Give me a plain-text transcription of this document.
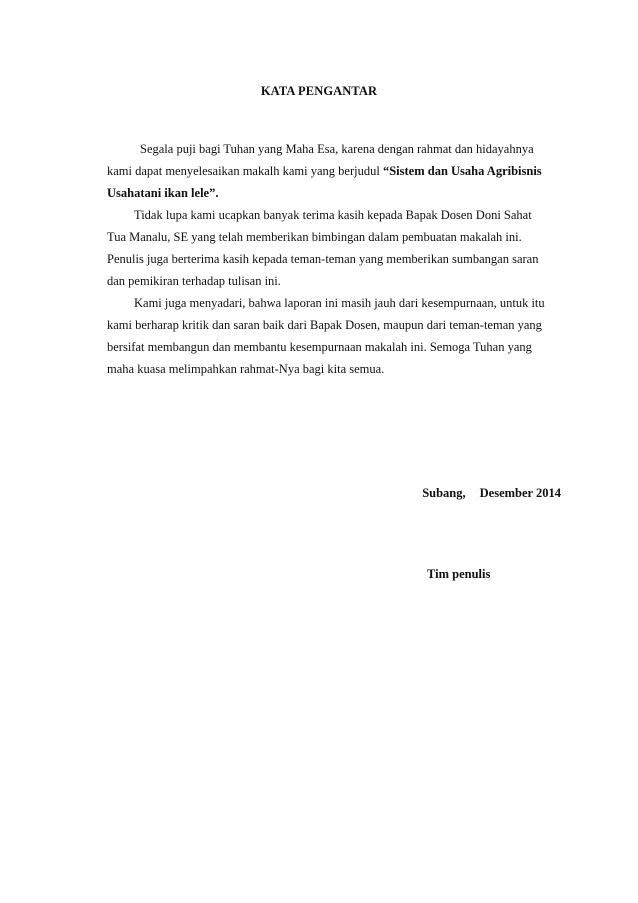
KATA PENGANTAR
Segala puji bagi Tuhan yang Maha Esa, karena dengan rahmat dan hidayahnya
kami dapat menyelesaikan makalh kami yang berjudul “Sistem dan Usaha Agribisnis
Usahatani ikan lele”.
Tidak lupa kami ucapkan banyak terima kasih kepada Bapak Dosen Doni Sahat
Tua Manalu, SE yang telah memberikan bimbingan dalam pembuatan makalah ini.
Penulis juga berterima kasih kepada teman-teman yang memberikan sumbangan saran
dan pemikiran terhadap tulisan ini.
Kami juga menyadari, bahwa laporan ini masih jauh dari kesempurnaan, untuk itu
kami berharap kritik dan saran baik dari Bapak Dosen, maupun dari teman-teman yang
bersifat membangun dan membantu kesempurnaan makalah ini. Semoga Tuhan yang
maha kuasa melimpahkan rahmat-Nya bagi kita semua.
Subang, Desember 2014
Tim penulis
